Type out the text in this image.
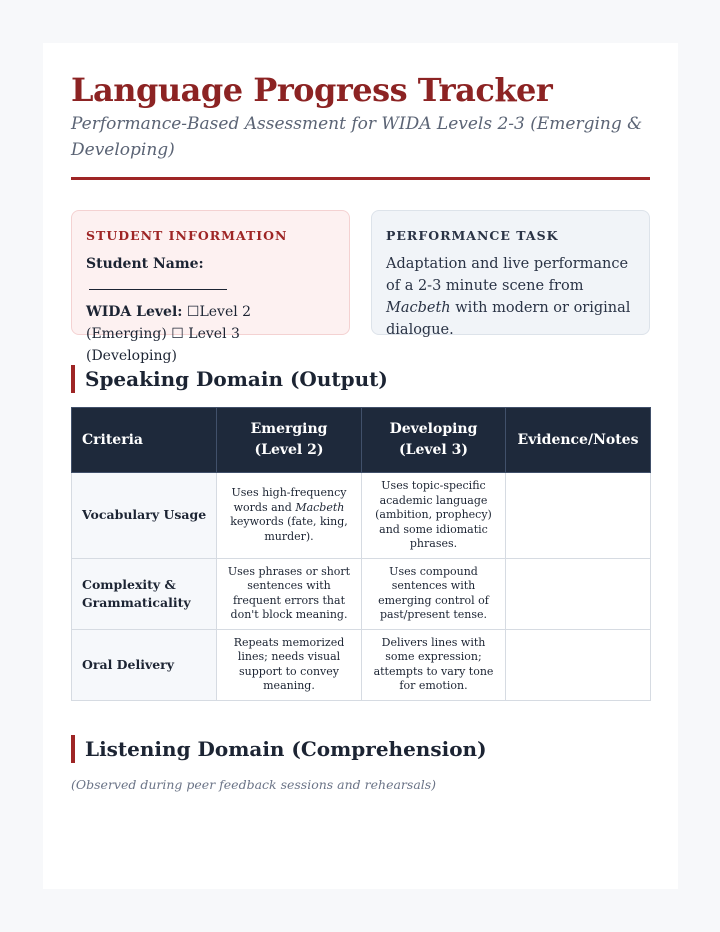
Language Progress Tracker

Performance-Based Assessment for WIDA Levels 2-3 (Emerging & Developing)

STUDENT INFORMATION

Student Name:

WIDA Level: ☐Level 2 (Emerging) ☐ Level 3 (Developing)

PERFORMANCE TASK
Adaptation and live performance of a 2-3 minute scene from Macbeth with modern or original dialogue.
Speaking Domain (Output)
Criteria	Emerging (Level 2)	Developing (Level 3)	Evidence/Notes
Vocabulary Usage	Uses high-frequency words and Macbeth keywords (fate, king, murder).	Uses topic-specific academic language (ambition, prophecy) and some idiomatic phrases.	
Complexity & Grammaticality	Uses phrases or short sentences with frequent errors that don't block meaning.	Uses compound sentences with emerging control of past/present tense.	
Oral Delivery	Repeats memorized lines; needs visual support to convey meaning.	Delivers lines with some expression; attempts to vary tone for emotion.	
Listening Domain (Comprehension)
(Observed during peer feedback sessions and rehearsals)
